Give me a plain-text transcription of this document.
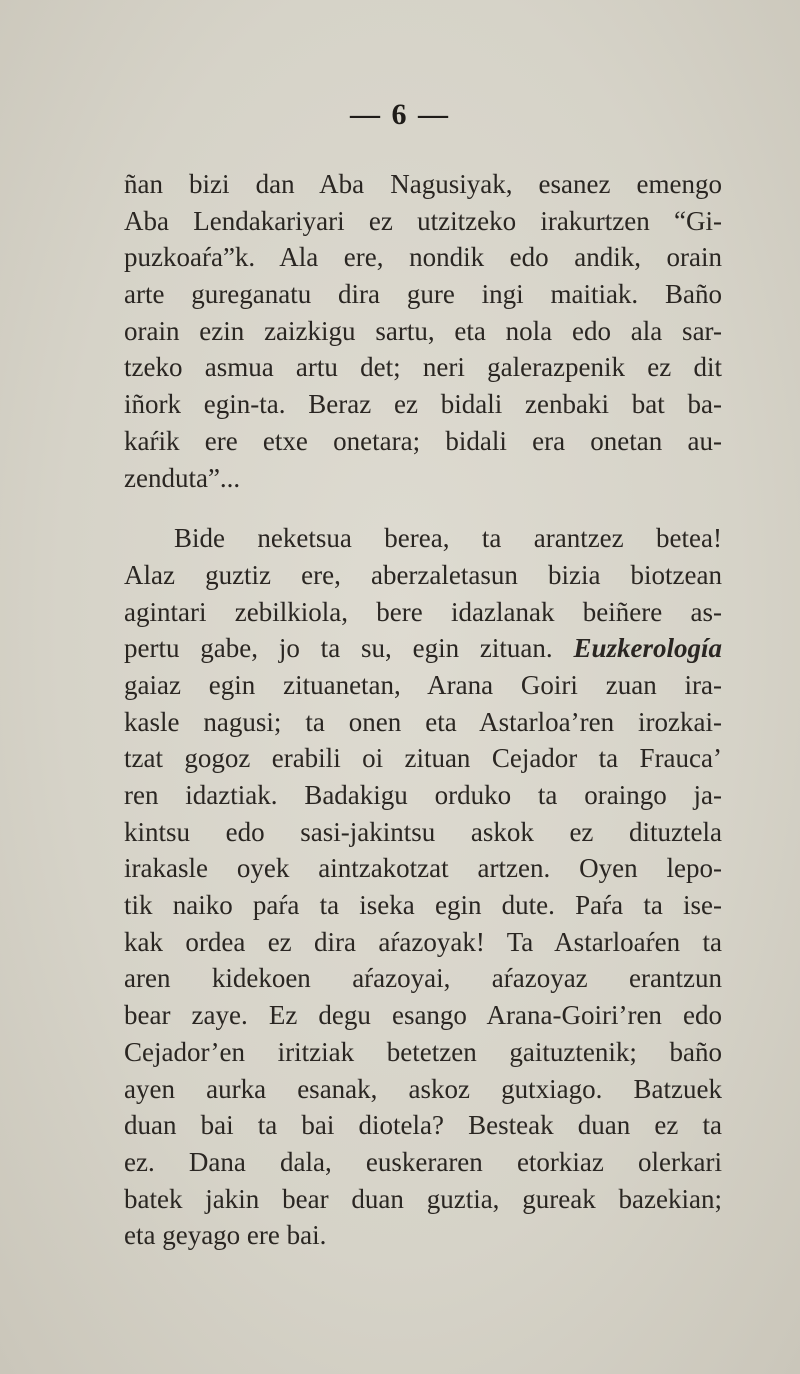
— 6 —
ñan bizi dan Aba Nagusiyak, esanez emengo
Aba Lendakariyari ez utzitzeko irakurtzen “Gi-
puzkoaŕa”k. Ala ere, nondik edo andik, orain
arte gureganatu dira gure ingi maitiak. Baño
orain ezin zaizkigu sartu, eta nola edo ala sar-
tzeko asmua artu det; neri galerazpenik ez dit
iñork egin-ta. Beraz ez bidali zenbaki bat ba-
kaŕik ere etxe onetara; bidali era onetan au-
zenduta”...
Bide neketsua berea, ta arantzez betea!
Alaz guztiz ere, aberzaletasun bizia biotzean
agintari zebilkiola, bere idazlanak beiñere as-
pertu gabe, jo ta su, egin zituan. Euzkerología
gaiaz egin zituanetan, Arana Goiri zuan ira-
kasle nagusi; ta onen eta Astarloa’ren irozkai-
tzat gogoz erabili oi zituan Cejador ta Frauca’
ren idaztiak. Badakigu orduko ta oraingo ja-
kintsu edo sasi-jakintsu askok ez dituztela
irakasle oyek aintzakotzat artzen. Oyen lepo-
tik naiko paŕa ta iseka egin dute. Paŕa ta ise-
kak ordea ez dira aŕazoyak! Ta Astarloaŕen ta
aren kidekoen aŕazoyai, aŕazoyaz erantzun
bear zaye. Ez degu esango Arana-Goiri’ren edo
Cejador’en iritziak betetzen gaituztenik; baño
ayen aurka esanak, askoz gutxiago. Batzuek
duan bai ta bai diotela? Besteak duan ez ta
ez. Dana dala, euskeraren etorkiaz olerkari
batek jakin bear duan guztia, gureak bazekian;
eta geyago ere bai.
